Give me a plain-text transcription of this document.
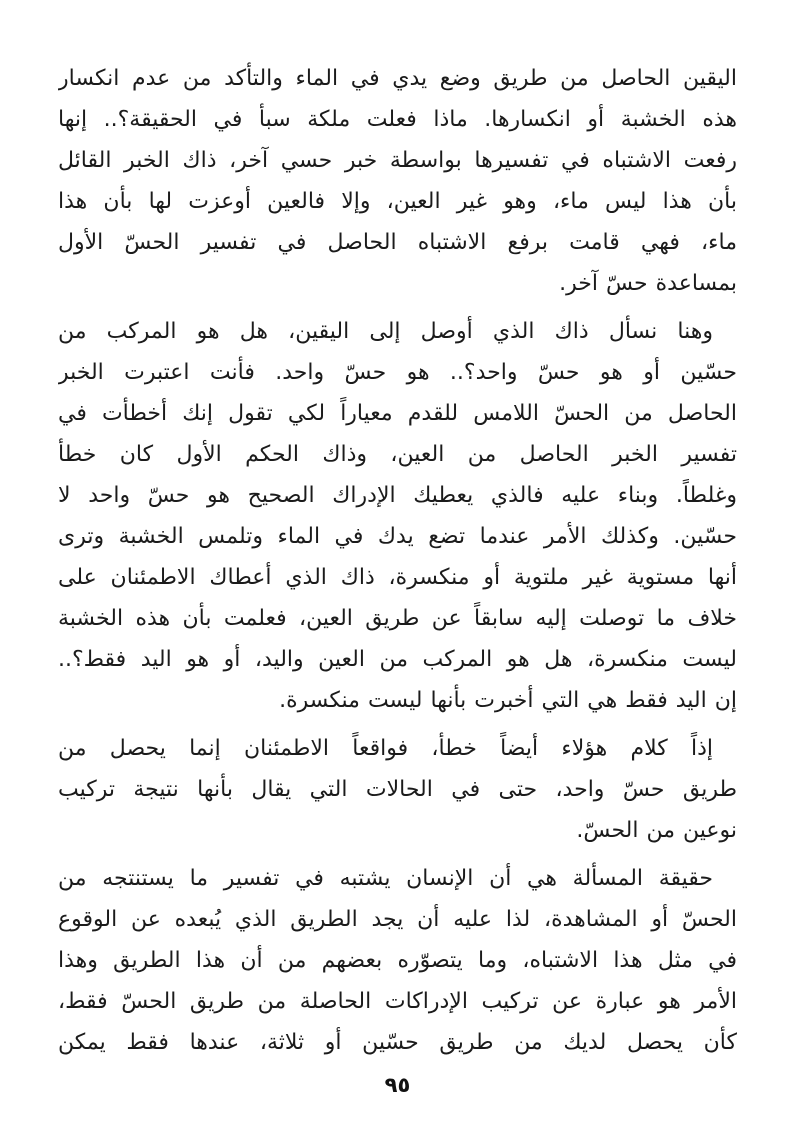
اليقين الحاصل من طريق وضع يدي في الماء والتأكد من عدم انكسار
هذه الخشبة أو انكسارها. ماذا فعلت ملكة سبأ في الحقيقة؟.. إنها
رفعت الاشتباه في تفسيرها بواسطة خبر حسي آخر، ذاك الخبر القائل
بأن هذا ليس ماء، وهو غير العين، وإلا فالعين أوعزت لها بأن هذا
ماء، فهي قامت برفع الاشتباه الحاصل في تفسير الحسّ الأول
بمساعدة حسّ آخر.
وهنا نسأل ذاك الذي أوصل إلى اليقين، هل هو المركب من
حسّين أو هو حسّ واحد؟.. هو حسّ واحد. فأنت اعتبرت الخبر
الحاصل من الحسّ اللامس للقدم معياراً لكي تقول إنك أخطأت في
تفسير الخبر الحاصل من العين، وذاك الحكم الأول كان خطأ
وغلطاً. وبناء عليه فالذي يعطيك الإدراك الصحيح هو حسّ واحد لا
حسّين. وكذلك الأمر عندما تضع يدك في الماء وتلمس الخشبة وترى
أنها مستوية غير ملتوية أو منكسرة، ذاك الذي أعطاك الاطمئنان على
خلاف ما توصلت إليه سابقاً عن طريق العين، فعلمت بأن هذه الخشبة
ليست منكسرة، هل هو المركب من العين واليد، أو هو اليد فقط؟..
إن اليد فقط هي التي أخبرت بأنها ليست منكسرة.
إذاً كلام هؤلاء أيضاً خطأ، فواقعاً الاطمئنان إنما يحصل من
طريق حسّ واحد، حتى في الحالات التي يقال بأنها نتيجة تركيب
نوعين من الحسّ.
حقيقة المسألة هي أن الإنسان يشتبه في تفسير ما يستنتجه من
الحسّ أو المشاهدة، لذا عليه أن يجد الطريق الذي يُبعده عن الوقوع
في مثل هذا الاشتباه، وما يتصوّره بعضهم من أن هذا الطريق وهذا
الأمر هو عبارة عن تركيب الإدراكات الحاصلة من طريق الحسّ فقط،
كأن يحصل لديك من طريق حسّين أو ثلاثة، عندها فقط يمكن
٩٥
